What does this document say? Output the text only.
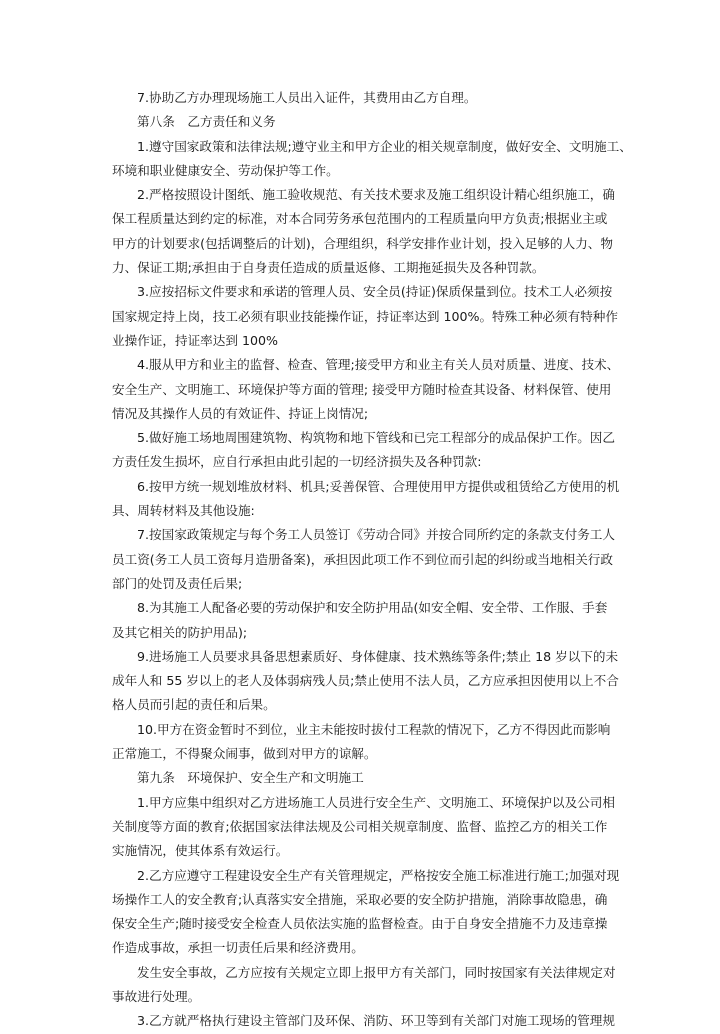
7.协助乙方办理现场施工人员出入证件，其费用由乙方自理。
第八条　乙方责任和义务
1.遵守国家政策和法律法规;遵守业主和甲方企业的相关规章制度，做好安全、文明施工、
环境和职业健康安全、劳动保护等工作。
2.严格按照设计图纸、施工验收规范、有关技术要求及施工组织设计精心组织施工，确
保工程质量达到约定的标准，对本合同劳务承包范围内的工程质量向甲方负责;根据业主或
甲方的计划要求(包括调整后的计划)，合理组织，科学安排作业计划，投入足够的人力、物
力、保证工期;承担由于自身责任造成的质量返修、工期拖延损失及各种罚款。
3.应按招标文件要求和承诺的管理人员、安全员(持证)保质保量到位。技术工人必须按
国家规定持上岗，技工必须有职业技能操作证，持证率达到 100%。特殊工种必须有特种作
业操作证，持证率达到 100%
4.服从甲方和业主的监督、检查、管理;接受甲方和业主有关人员对质量、进度、技术、
安全生产、文明施工、环境保护等方面的管理; 接受甲方随时检查其设备、材料保管、使用
情况及其操作人员的有效证件、持证上岗情况;
5.做好施工场地周围建筑物、构筑物和地下管线和已完工程部分的成品保护工作。因乙
方责任发生损坏，应自行承担由此引起的一切经济损失及各种罚款:
6.按甲方统一规划堆放材料、机具;妥善保管、合理使用甲方提供或租赁给乙方使用的机
具、周转材料及其他设施:
7.按国家政策规定与每个务工人员签订《劳动合同》并按合同所约定的条款支付务工人
员工资(务工人员工资每月造册备案)，承担因此项工作不到位而引起的纠纷或当地相关行政
部门的处罚及责任后果;
8.为其施工人配备必要的劳动保护和安全防护用品(如安全帽、安全带、工作服、手套
及其它相关的防护用品);
9.进场施工人员要求具备思想素质好、身体健康、技术熟练等条件;禁止 18 岁以下的未
成年人和 55 岁以上的老人及体弱病残人员;禁止使用不法人员，乙方应承担因使用以上不合
格人员而引起的责任和后果。
10.甲方在资金暂时不到位，业主未能按时拔付工程款的情况下，乙方不得因此而影响
正常施工，不得聚众闹事，做到对甲方的谅解。
第九条　环境保护、安全生产和文明施工
1.甲方应集中组织对乙方进场施工人员进行安全生产、文明施工、环境保护以及公司相
关制度等方面的教育;依据国家法律法规及公司相关规章制度、监督、监控乙方的相关工作
实施情况，使其体系有效运行。
2.乙方应遵守工程建设安全生产有关管理规定，严格按安全施工标准进行施工;加强对现
场操作工人的安全教育;认真落实安全措施，采取必要的安全防护措施，消除事故隐患，确
保安全生产;随时接受安全检查人员依法实施的监督检查。由于自身安全措施不力及违章操
作造成事故，承担一切责任后果和经济费用。
发生安全事故，乙方应按有关规定立即上报甲方有关部门，同时按国家有关法律规定对
事故进行处理。
3.乙方就严格执行建设主管部门及环保、消防、环卫等到有关部门对施工现场的管理规
